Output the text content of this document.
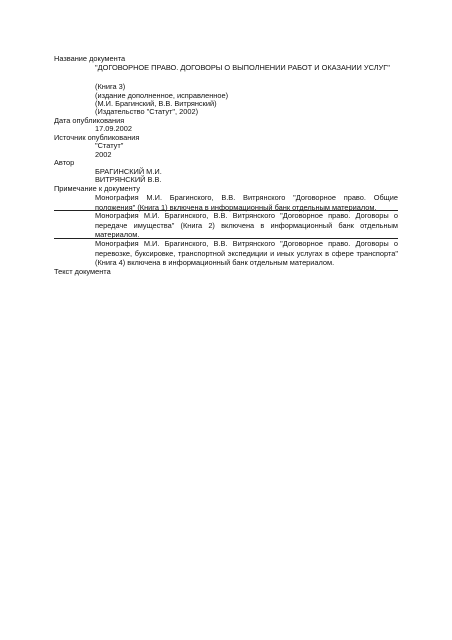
Название документа
"ДОГОВОРНОЕ ПРАВО. ДОГОВОРЫ О ВЫПОЛНЕНИИ РАБОТ И ОКАЗАНИИ УСЛУГ"
(Книга 3)
(издание дополненное, исправленное)
(М.И. Брагинский, В.В. Витрянский)
(Издательство "Статут", 2002)
Дата опубликования
17.09.2002
Источник опубликования
"Статут"
2002
Автор
БРАГИНСКИЙ М.И.
ВИТРЯНСКИЙ В.В.
Примечание к документу
Монография М.И. Брагинского, В.В. Витрянского "Договорное право. Общие положения" (Книга 1) включена в информационный банк отдельным материалом.
Монография М.И. Брагинского, В.В. Витрянского "Договорное право. Договоры о передаче имущества" (Книга 2) включена в информационный банк отдельным материалом.
Монография М.И. Брагинского, В.В. Витрянского "Договорное право. Договоры о перевозке, буксировке, транспортной экспедиции и иных услугах в сфере транспорта" (Книга 4) включена в информационный банк отдельным материалом.
Текст документа
